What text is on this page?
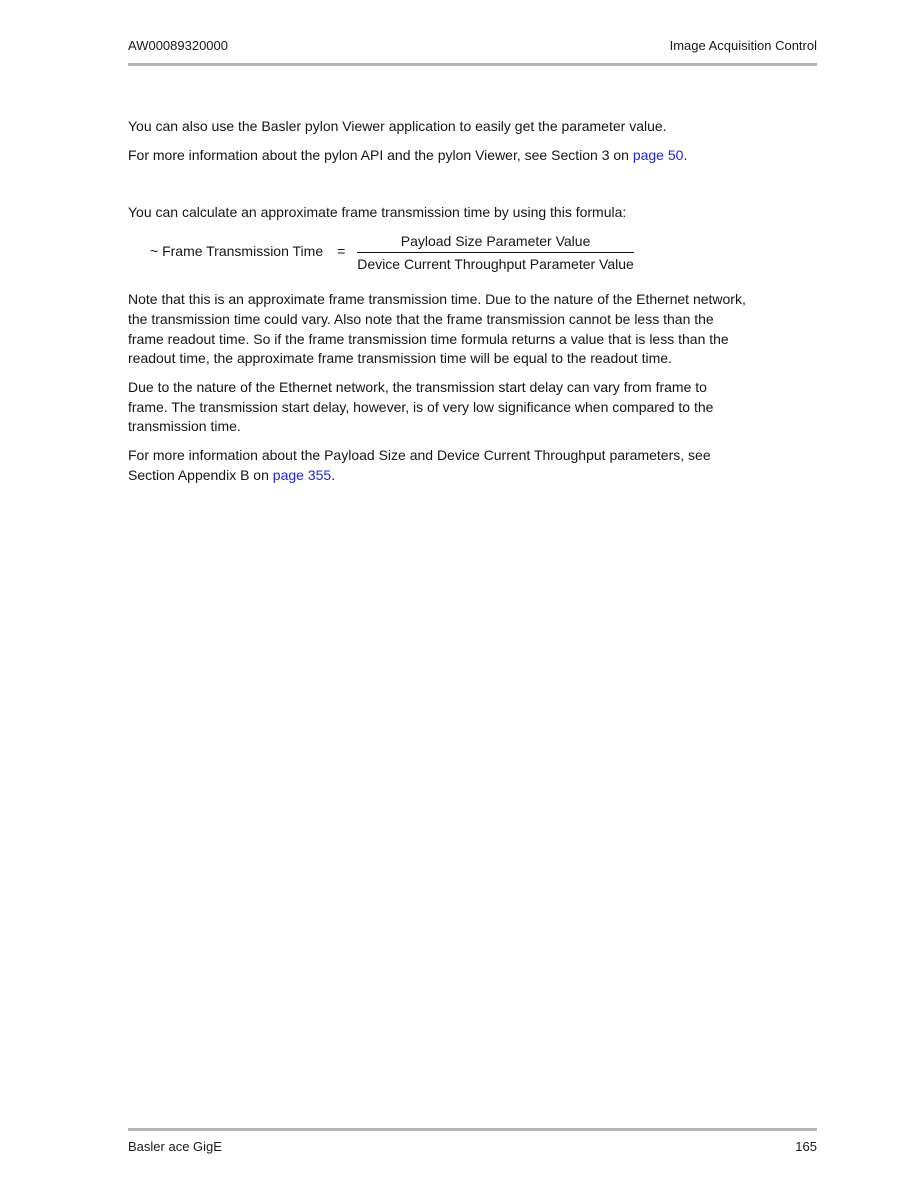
AW00089320000	Image Acquisition Control
You can also use the Basler pylon Viewer application to easily get the parameter value.
For more information about the pylon API and the pylon Viewer, see Section 3 on page 50.
You can calculate an approximate frame transmission time by using this formula:
~ Frame Transmission Time = $\frac{\text{Payload Size Parameter Value}}{\text{Device Current Throughput Parameter Value}}$
Note that this is an approximate frame transmission time. Due to the nature of the Ethernet network,
the transmission time could vary. Also note that the frame transmission cannot be less than the
frame readout time. So if the frame transmission time formula returns a value that is less than the
readout time, the approximate frame transmission time will be equal to the readout time.
Due to the nature of the Ethernet network, the transmission start delay can vary from frame to
frame. The transmission start delay, however, is of very low significance when compared to the
transmission time.
For more information about the Payload Size and Device Current Throughput parameters, see
Section Appendix B on page 355.
Basler ace GigE	165
